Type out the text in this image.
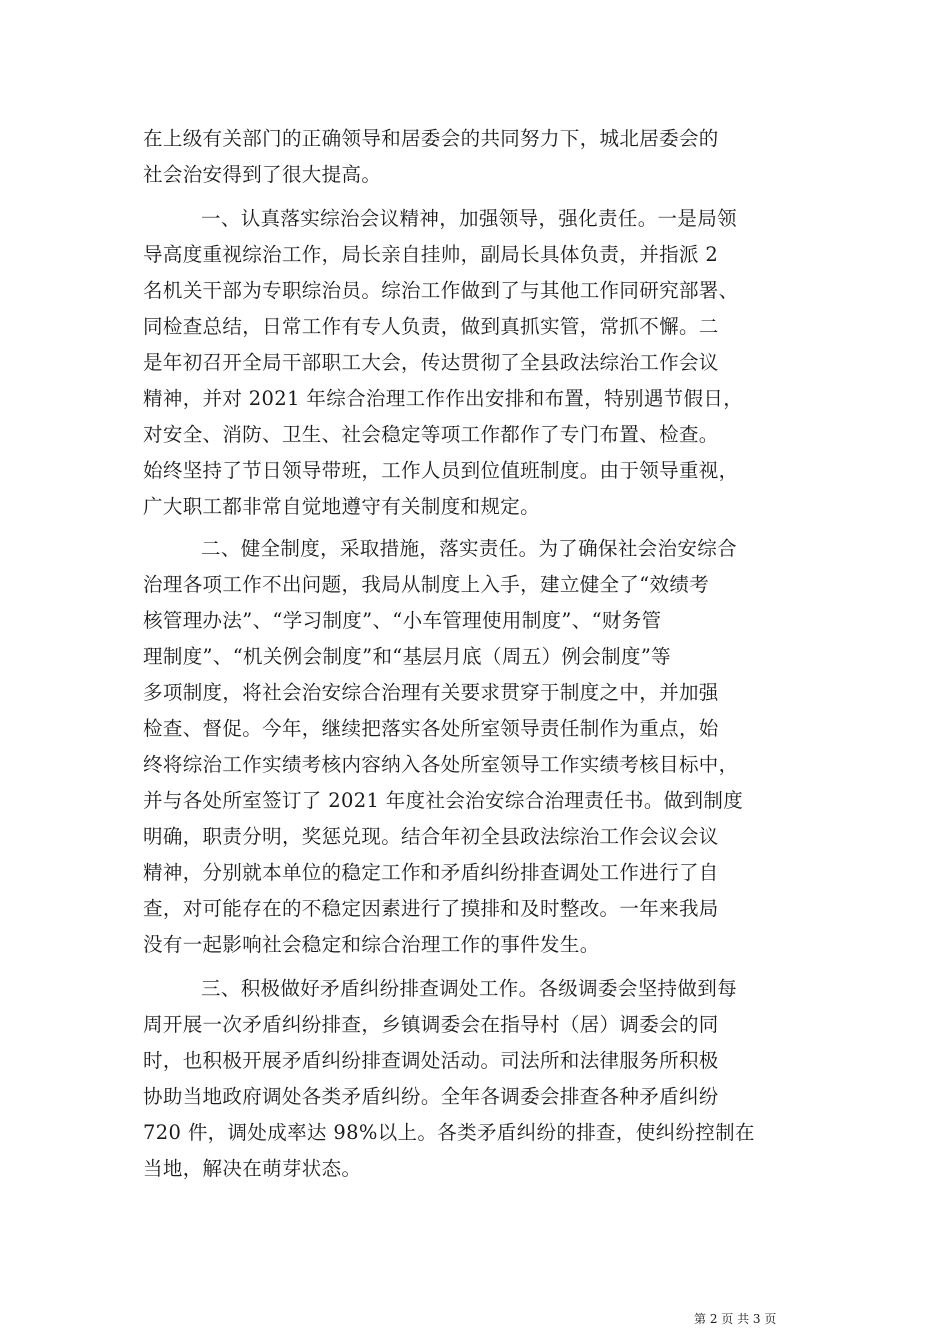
在上级有关部门的正确领导和居委会的共同努力下，城北居委会的
社会治安得到了很大提高。
一、认真落实综治会议精神，加强领导，强化责任。一是局领
导高度重视综治工作，局长亲自挂帅，副局长具体负责，并指派 2
名机关干部为专职综治员。综治工作做到了与其他工作同研究部署、
同检查总结，日常工作有专人负责，做到真抓实管，常抓不懈。二
是年初召开全局干部职工大会，传达贯彻了全县政法综治工作会议
精神，并对 2021 年综合治理工作作出安排和布置，特别遇节假日，
对安全、消防、卫生、社会稳定等项工作都作了专门布置、检查。
始终坚持了节日领导带班，工作人员到位值班制度。由于领导重视，
广大职工都非常自觉地遵守有关制度和规定。
二、健全制度，采取措施，落实责任。为了确保社会治安综合
治理各项工作不出问题，我局从制度上入手，建立健全了“效绩考
核管理办法”、“学习制度”、“小车管理使用制度”、“财务管
理制度”、“机关例会制度”和“基层月底（周五）例会制度”等
多项制度，将社会治安综合治理有关要求贯穿于制度之中，并加强
检查、督促。今年，继续把落实各处所室领导责任制作为重点，始
终将综治工作实绩考核内容纳入各处所室领导工作实绩考核目标中，
并与各处所室签订了 2021 年度社会治安综合治理责任书。做到制度
明确，职责分明，奖惩兑现。结合年初全县政法综治工作会议会议
精神，分别就本单位的稳定工作和矛盾纠纷排查调处工作进行了自
查，对可能存在的不稳定因素进行了摸排和及时整改。一年来我局
没有一起影响社会稳定和综合治理工作的事件发生。
三、积极做好矛盾纠纷排查调处工作。各级调委会坚持做到每
周开展一次矛盾纠纷排查，乡镇调委会在指导村（居）调委会的同
时，也积极开展矛盾纠纷排查调处活动。司法所和法律服务所积极
协助当地政府调处各类矛盾纠纷。全年各调委会排查各种矛盾纠纷
720 件，调处成率达 98%以上。各类矛盾纠纷的排查，使纠纷控制在
当地，解决在萌芽状态。
第 2 页 共 3 页
